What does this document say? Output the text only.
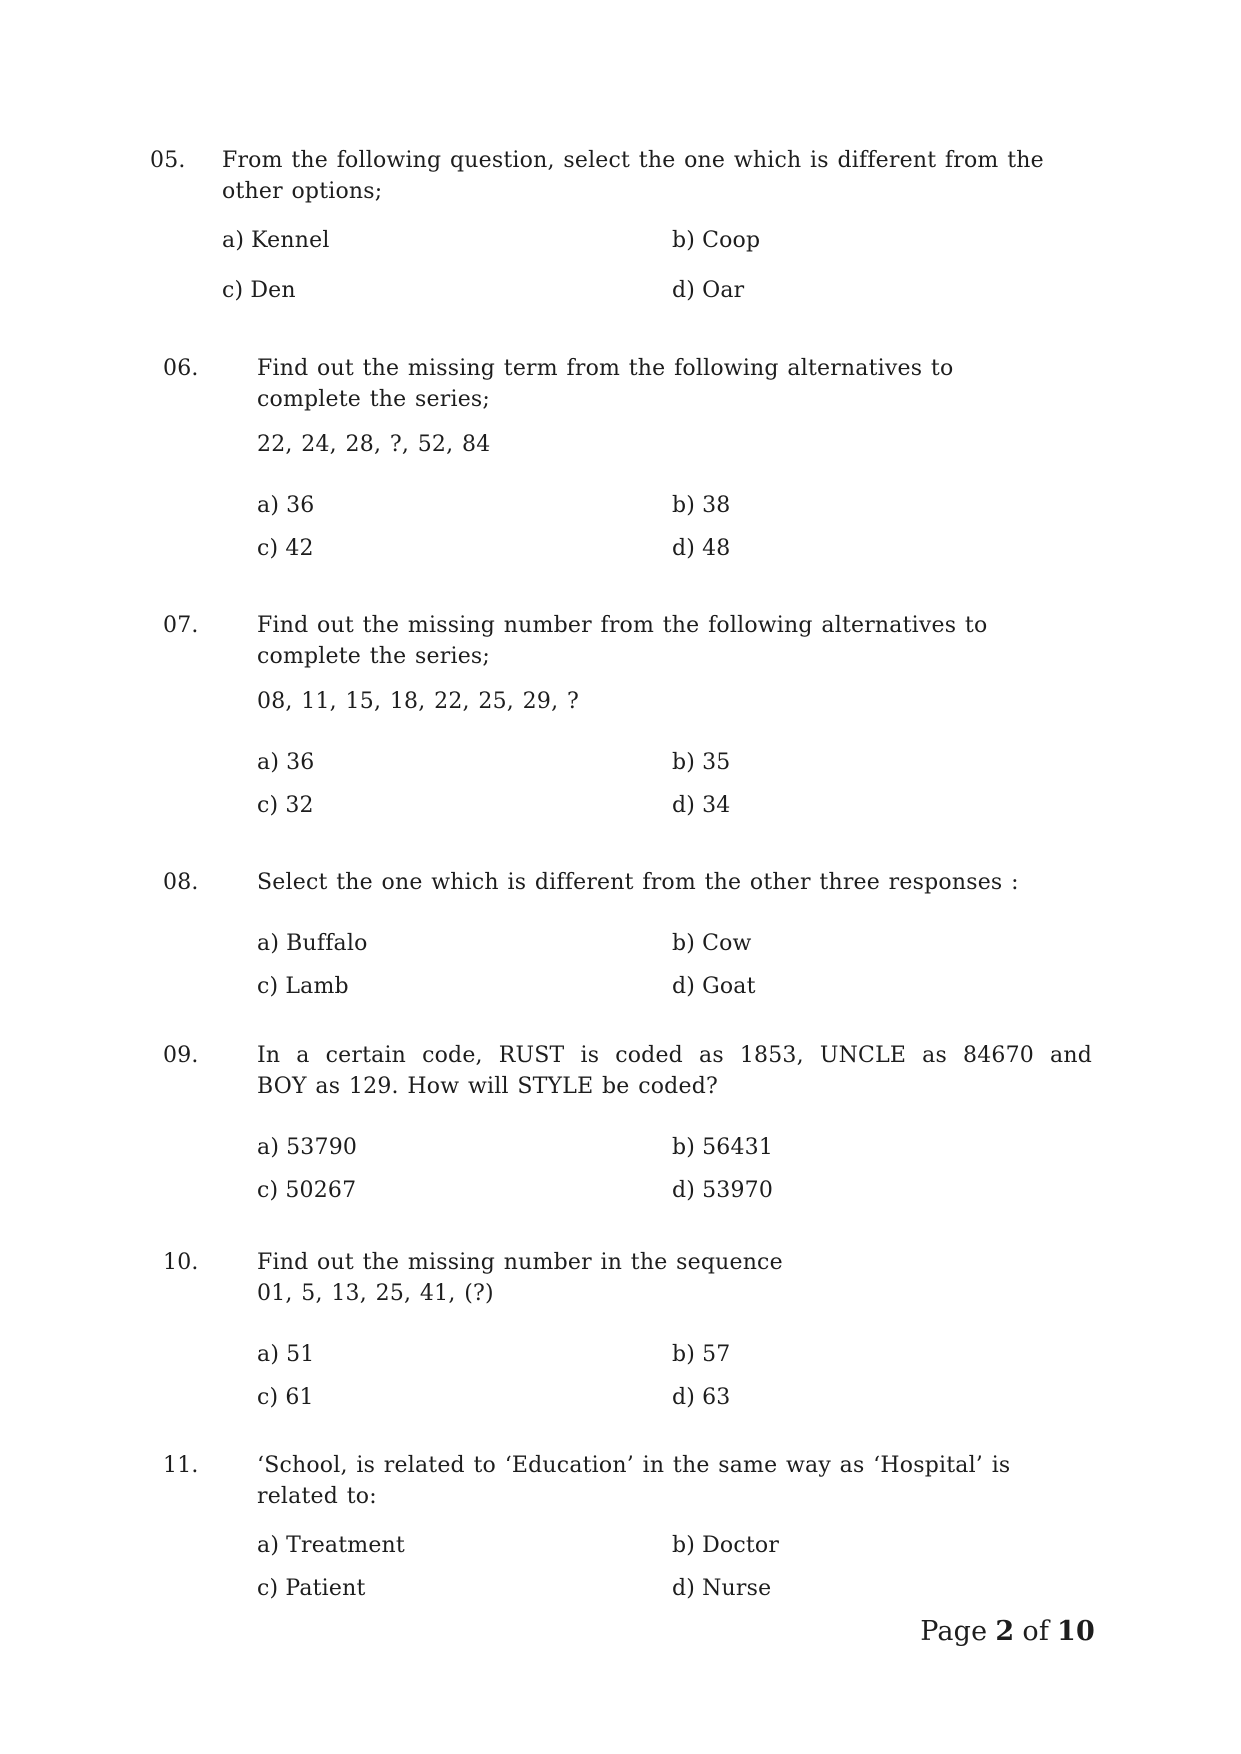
05.	From the following question, select the one which is different from the
other options;
a) Kennel	b) Coop
c) Den	d) Oar
06.	Find out the missing term from the following alternatives to
complete the series;
22, 24, 28, ?, 52, 84
a) 36	b) 38
c) 42	d) 48
07.	Find out the missing number from the following alternatives to
complete the series;
08, 11, 15, 18, 22, 25, 29, ?
a) 36	b) 35
c) 32	d) 34
08.	Select the one which is different from the other three responses :
a) Buffalo	b) Cow
c) Lamb	d) Goat
09.	In a certain code, RUST is coded as 1853, UNCLE as 84670 and
BOY as 129. How will STYLE be coded?
a) 53790	b) 56431
c) 50267	d) 53970
10.	Find out the missing number in the sequence
01, 5, 13, 25, 41, (?)
a) 51	b) 57
c) 61	d) 63
11.	‘School, is related to ‘Education’ in the same way as ‘Hospital’ is
related to:
a) Treatment	b) Doctor
c) Patient	d) Nurse
Page 2 of 10
